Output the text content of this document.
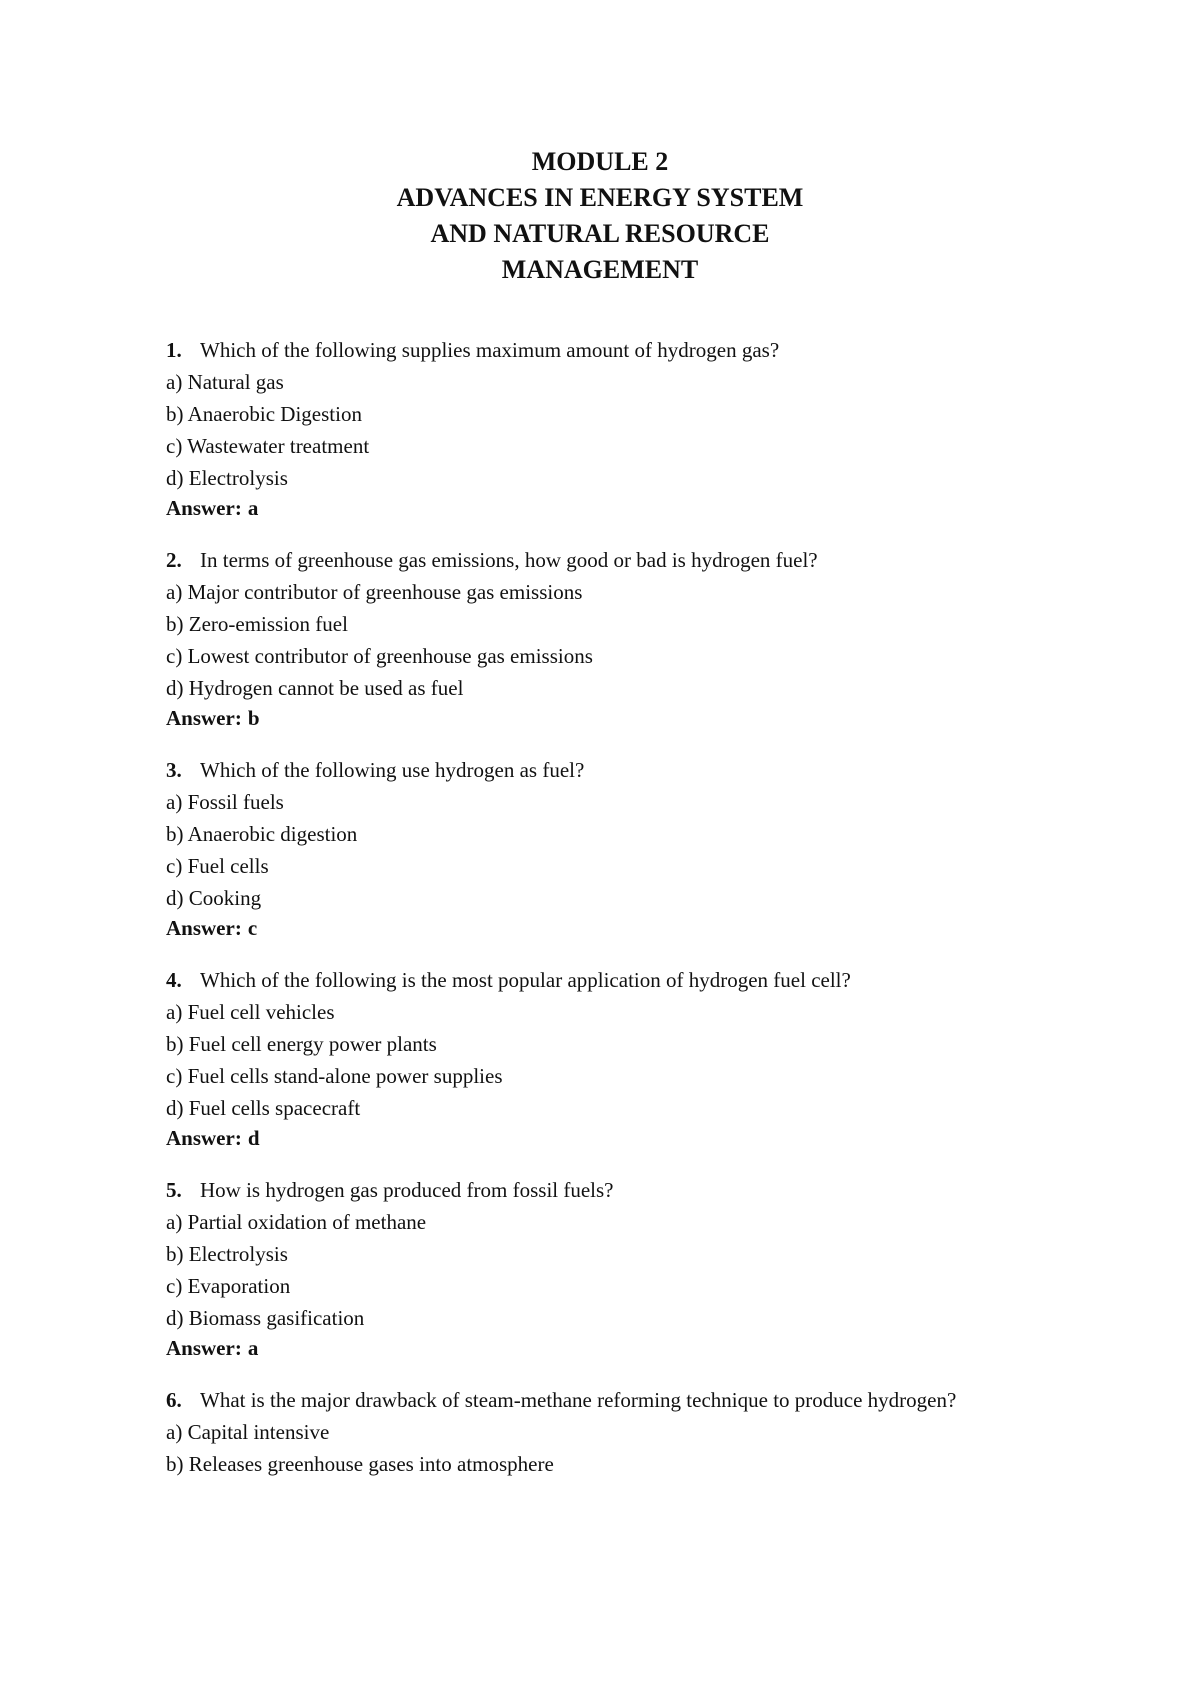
MODULE 2
ADVANCES IN ENERGY SYSTEM
AND NATURAL RESOURCE
MANAGEMENT
1. Which of the following supplies maximum amount of hydrogen gas?
a) Natural gas
b) Anaerobic Digestion
c) Wastewater treatment
d) Electrolysis
Answer: a
2. In terms of greenhouse gas emissions, how good or bad is hydrogen fuel?
a) Major contributor of greenhouse gas emissions
b) Zero-emission fuel
c) Lowest contributor of greenhouse gas emissions
d) Hydrogen cannot be used as fuel
Answer: b
3. Which of the following use hydrogen as fuel?
a) Fossil fuels
b) Anaerobic digestion
c) Fuel cells
d) Cooking
Answer: c
4. Which of the following is the most popular application of hydrogen fuel cell?
a) Fuel cell vehicles
b) Fuel cell energy power plants
c) Fuel cells stand-alone power supplies
d) Fuel cells spacecraft
Answer: d
5. How is hydrogen gas produced from fossil fuels?
a) Partial oxidation of methane
b) Electrolysis
c) Evaporation
d) Biomass gasification
Answer: a
6. What is the major drawback of steam-methane reforming technique to produce hydrogen?
a) Capital intensive
b) Releases greenhouse gases into atmosphere
